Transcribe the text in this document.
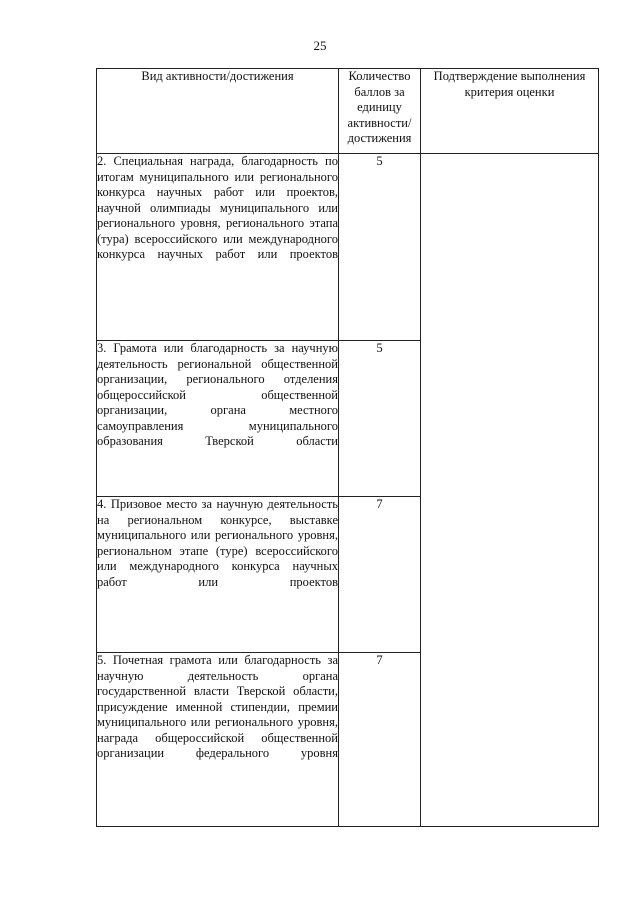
25
Вид активности/достижения	Количество баллов за единицу активности/ достижения	Подтверждение выполнения критерия оценки
2. Специальная награда, благодарность по итогам муниципального или регионального конкурса научных работ или проектов, научной олимпиады муниципального или регионального уровня, регионального этапа (тура) всероссийского или международного конкурса научных работ или проектов	5	
3. Грамота или благодарность за научную деятельность региональной общественной организации, регионального отделения общероссийской общественной организации, органа местного самоуправления муниципального образования Тверской области	5	
4. Призовое место за научную деятельность на региональном конкурсе, выставке муниципального или регионального уровня, региональном этапе (туре) всероссийского или международного конкурса научных работ или проектов	7	
5. Почетная грамота или благодарность за научную деятельность органа государственной власти Тверской области, присуждение именной стипендии, премии муниципального или регионального уровня, награда общероссийской общественной организации федерального уровня	7	
